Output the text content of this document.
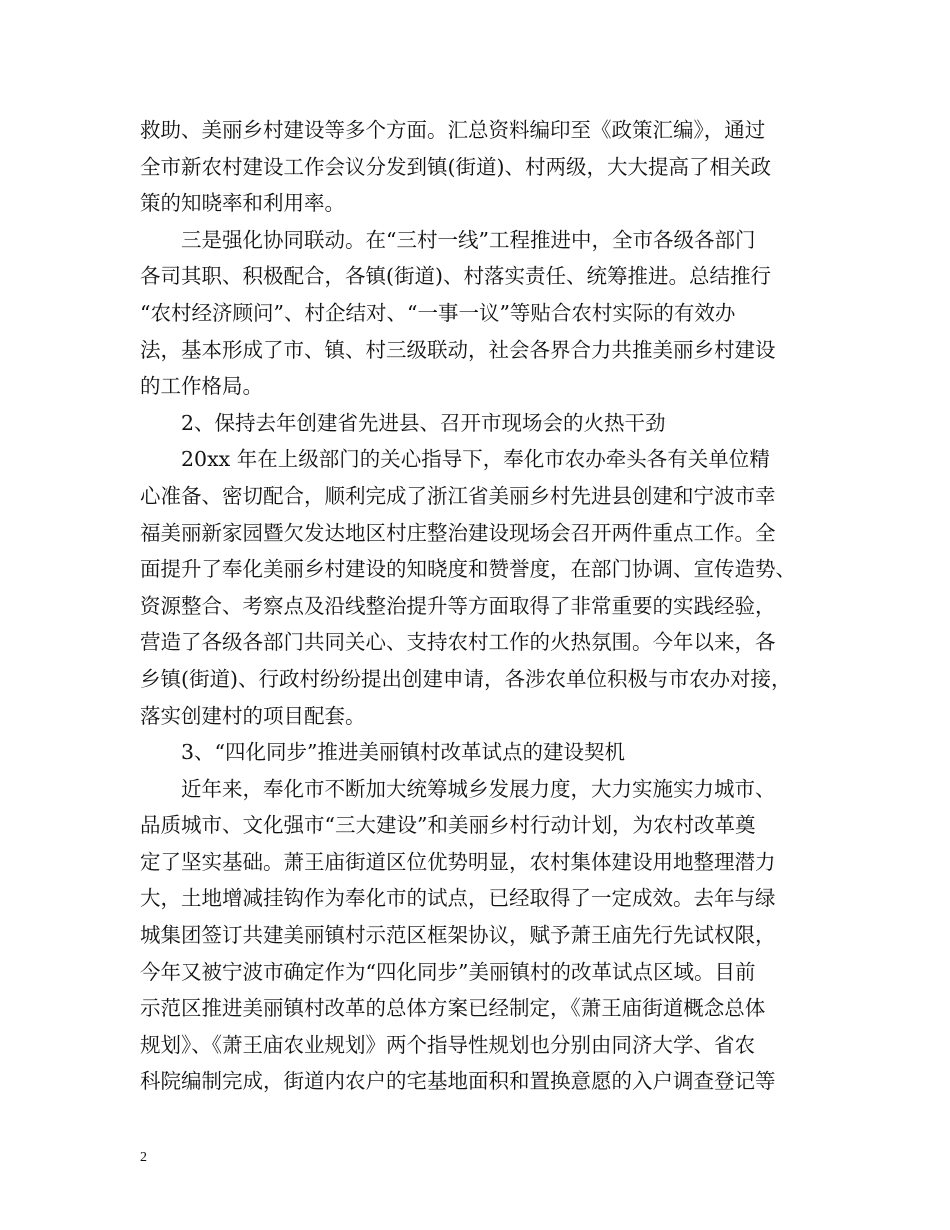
救助、美丽乡村建设等多个方面。汇总资料编印至《政策汇编》，通过
全市新农村建设工作会议分发到镇(街道)、村两级，大大提高了相关政
策的知晓率和利用率。
三是强化协同联动。在“三村一线”工程推进中，全市各级各部门
各司其职、积极配合，各镇(街道)、村落实责任、统筹推进。总结推行
“农村经济顾问”、村企结对、“一事一议”等贴合农村实际的有效办
法，基本形成了市、镇、村三级联动，社会各界合力共推美丽乡村建设
的工作格局。
2、保持去年创建省先进县、召开市现场会的火热干劲
20xx 年在上级部门的关心指导下，奉化市农办牵头各有关单位精
心准备、密切配合，顺利完成了浙江省美丽乡村先进县创建和宁波市幸
福美丽新家园暨欠发达地区村庄整治建设现场会召开两件重点工作。全
面提升了奉化美丽乡村建设的知晓度和赞誉度，在部门协调、宣传造势、
资源整合、考察点及沿线整治提升等方面取得了非常重要的实践经验，
营造了各级各部门共同关心、支持农村工作的火热氛围。今年以来，各
乡镇(街道)、行政村纷纷提出创建申请，各涉农单位积极与市农办对接，
落实创建村的项目配套。
3、“四化同步”推进美丽镇村改革试点的建设契机
近年来，奉化市不断加大统筹城乡发展力度，大力实施实力城市、
品质城市、文化强市“三大建设”和美丽乡村行动计划，为农村改革奠
定了坚实基础。萧王庙街道区位优势明显，农村集体建设用地整理潜力
大，土地增减挂钩作为奉化市的试点，已经取得了一定成效。去年与绿
城集团签订共建美丽镇村示范区框架协议，赋予萧王庙先行先试权限，
今年又被宁波市确定作为“四化同步”美丽镇村的改革试点区域。目前
示范区推进美丽镇村改革的总体方案已经制定，《萧王庙街道概念总体
规划》、《萧王庙农业规划》两个指导性规划也分别由同济大学、省农
科院编制完成，街道内农户的宅基地面积和置换意愿的入户调查登记等
2
